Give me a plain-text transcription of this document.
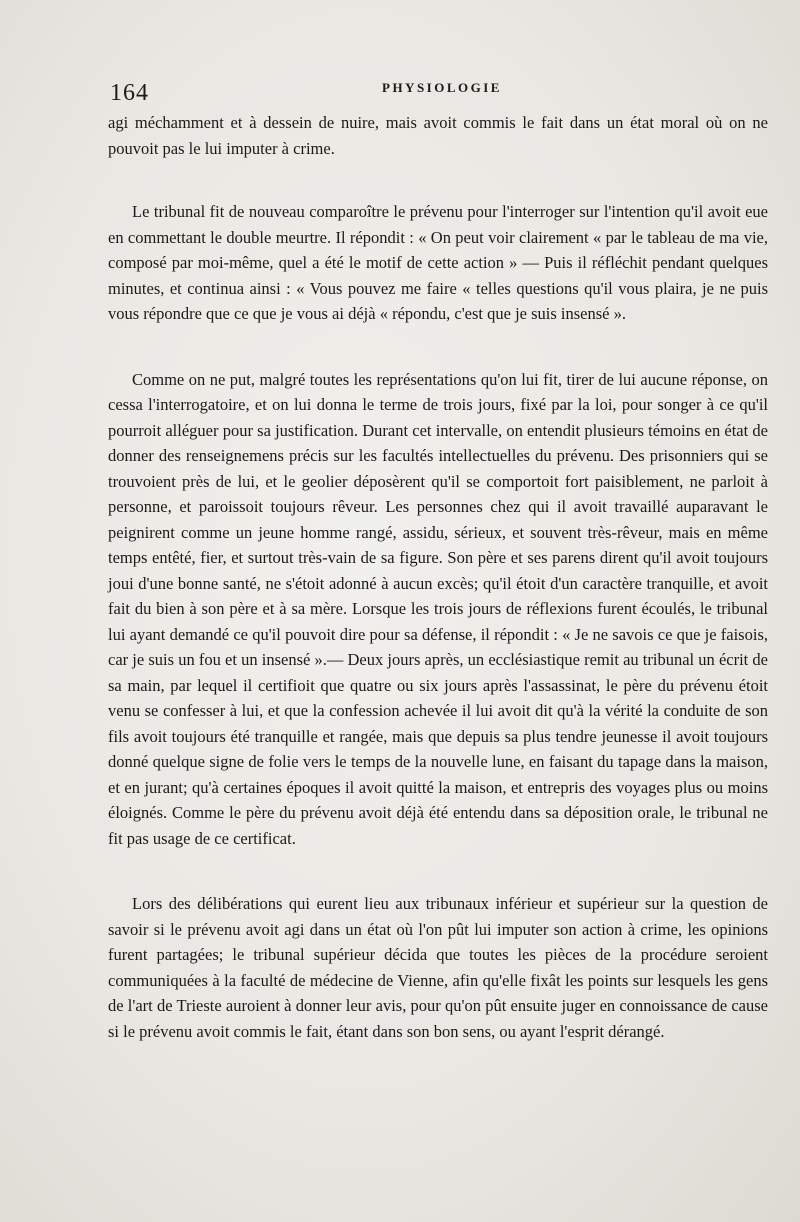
164	PHYSIOLOGIE

agi méchamment et à dessein de nuire, mais avoit commis le fait dans un état moral où on ne pouvoit pas le lui imputer à crime.

Le tribunal fit de nouveau comparoître le prévenu pour l'interroger sur l'intention qu'il avoit eue en commettant le double meurtre. Il répondit : « On peut voir clairement « par le tableau de ma vie, composé par moi-même, quel a été le motif de cette action » — Puis il réfléchit pendant quelques minutes, et continua ainsi : « Vous pouvez me faire « telles questions qu'il vous plaira, je ne puis vous répondre que ce que je vous ai déjà « répondu, c'est que je suis insensé ».

Comme on ne put, malgré toutes les représentations qu'on lui fit, tirer de lui aucune réponse, on cessa l'interrogatoire, et on lui donna le terme de trois jours, fixé par la loi, pour songer à ce qu'il pourroit alléguer pour sa justification. Durant cet intervalle, on entendit plusieurs témoins en état de donner des renseignemens précis sur les facultés intellectuelles du prévenu. Des prisonniers qui se trouvoient près de lui, et le geolier déposèrent qu'il se comportoit fort paisiblement, ne parloit à personne, et paroissoit toujours rêveur. Les personnes chez qui il avoit travaillé auparavant le peignirent comme un jeune homme rangé, assidu, sérieux, et souvent très-rêveur, mais en même temps entêté, fier, et surtout très-vain de sa figure. Son père et ses parens dirent qu'il avoit toujours joui d'une bonne santé, ne s'étoit adonné à aucun excès; qu'il étoit d'un caractère tranquille, et avoit fait du bien à son père et à sa mère. Lorsque les trois jours de réflexions furent écoulés, le tribunal lui ayant demandé ce qu'il pouvoit dire pour sa défense, il répondit : « Je ne savois ce que je faisois, car je suis un fou et un insensé ».— Deux jours après, un ecclésiastique remit au tribunal un écrit de sa main, par lequel il certifioit que quatre ou six jours après l'assassinat, le père du prévenu étoit venu se confesser à lui, et que la confession achevée il lui avoit dit qu'à la vérité la conduite de son fils avoit toujours été tranquille et rangée, mais que depuis sa plus tendre jeunesse il avoit toujours donné quelque signe de folie vers le temps de la nouvelle lune, en faisant du tapage dans la maison, et en jurant; qu'à certaines époques il avoit quitté la maison, et entrepris des voyages plus ou moins éloignés. Comme le père du prévenu avoit déjà été entendu dans sa déposition orale, le tribunal ne fit pas usage de ce certificat.

Lors des délibérations qui eurent lieu aux tribunaux inférieur et supérieur sur la question de savoir si le prévenu avoit agi dans un état où l'on pût lui imputer son action à crime, les opinions furent partagées; le tribunal supérieur décida que toutes les pièces de la procédure seroient communiquées à la faculté de médecine de Vienne, afin qu'elle fixât les points sur lesquels les gens de l'art de Trieste auroient à donner leur avis, pour qu'on pût ensuite juger en connoissance de cause si le prévenu avoit commis le fait, étant dans son bon sens, ou ayant l'esprit dérangé.
